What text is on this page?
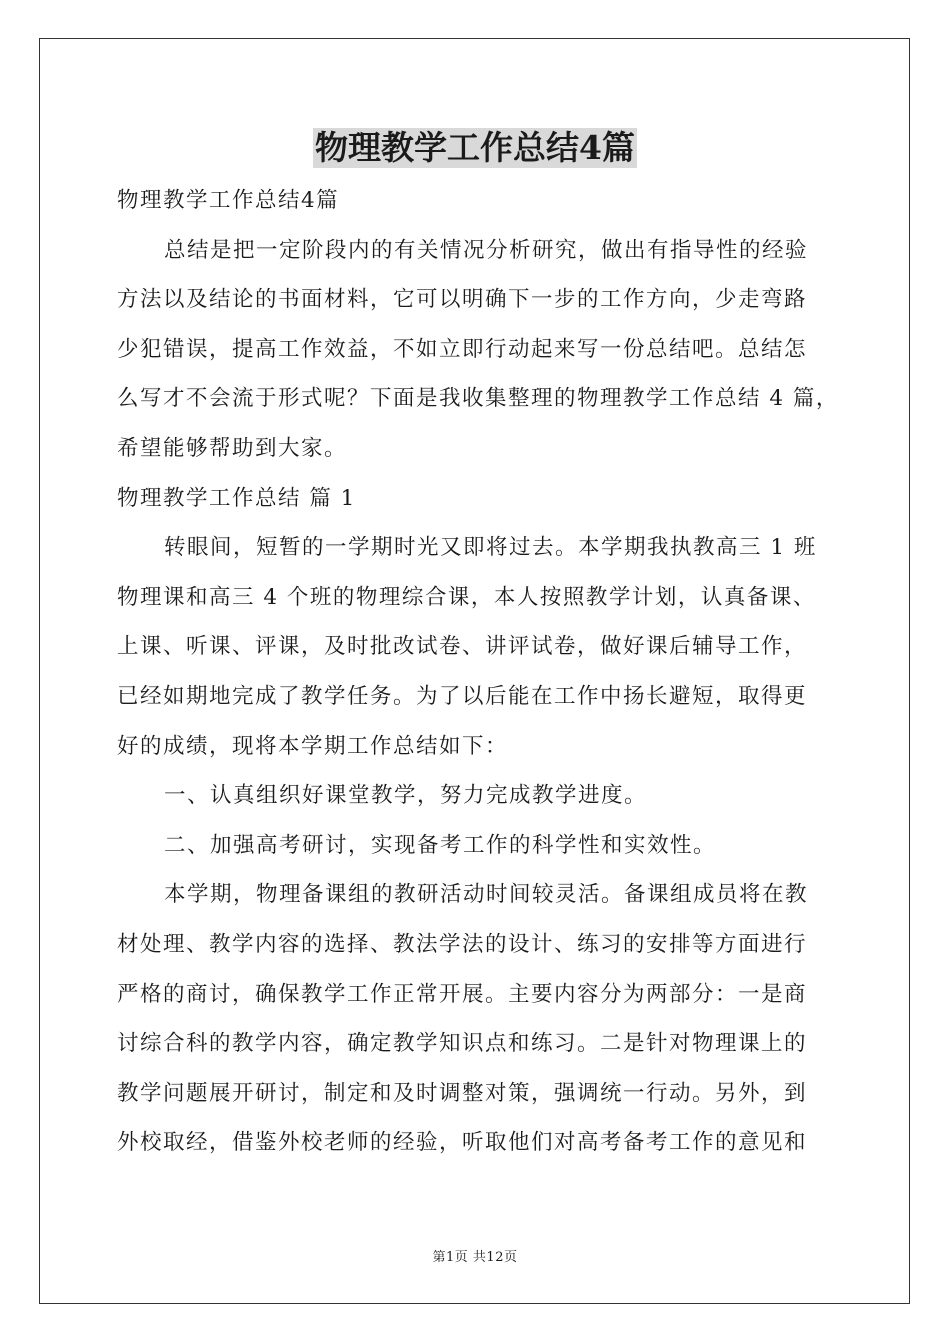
物理教学工作总结4篇
物理教学工作总结4篇
总结是把一定阶段内的有关情况分析研究，做出有指导性的经验
方法以及结论的书面材料，它可以明确下一步的工作方向，少走弯路
少犯错误，提高工作效益，不如立即行动起来写一份总结吧。总结怎
么写才不会流于形式呢？下面是我收集整理的物理教学工作总结 4 篇，
希望能够帮助到大家。
物理教学工作总结 篇 1
转眼间，短暂的一学期时光又即将过去。本学期我执教高三 1 班
物理课和高三 4 个班的物理综合课，本人按照教学计划，认真备课、
上课、听课、评课，及时批改试卷、讲评试卷，做好课后辅导工作，
已经如期地完成了教学任务。为了以后能在工作中扬长避短，取得更
好的成绩，现将本学期工作总结如下：
一、认真组织好课堂教学，努力完成教学进度。
二、加强高考研讨，实现备考工作的科学性和实效性。
本学期，物理备课组的教研活动时间较灵活。备课组成员将在教
材处理、教学内容的选择、教法学法的设计、练习的安排等方面进行
严格的商讨，确保教学工作正常开展。主要内容分为两部分：一是商
讨综合科的教学内容，确定教学知识点和练习。二是针对物理课上的
教学问题展开研讨，制定和及时调整对策，强调统一行动。另外，到
外校取经，借鉴外校老师的经验，听取他们对高考备考工作的意见和
第1页 共12页
